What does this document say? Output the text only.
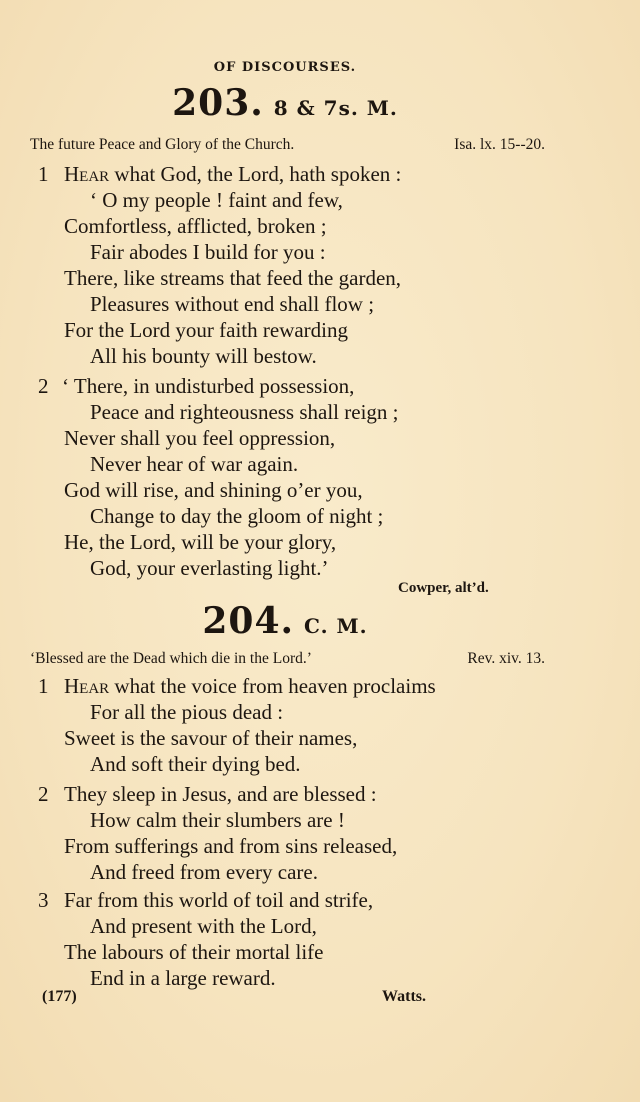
OF DISCOURSES.
203. 8 & 7s. M.
The future Peace and Glory of the Church.	Isa. lx. 15--20.
1 Hear what God, the Lord, hath spoken :
‘ O my people ! faint and few,
Comfortless, afflicted, broken ;
Fair abodes I build for you :
There, like streams that feed the garden,
Pleasures without end shall flow ;
For the Lord your faith rewarding
All his bounty will bestow.
2 ‘ There, in undisturbed possession,
Peace and righteousness shall reign ;
Never shall you feel oppression,
Never hear of war again.
God will rise, and shining o’er you,
Change to day the gloom of night ;
He, the Lord, will be your glory,
God, your everlasting light.’
Cowper, alt’d.
204. C. M.
‘Blessed are the Dead which die in the Lord.’	Rev. xiv. 13.
1 Hear what the voice from heaven proclaims
For all the pious dead :
Sweet is the savour of their names,
And soft their dying bed.
2 They sleep in Jesus, and are blessed :
How calm their slumbers are !
From sufferings and from sins released,
And freed from every care.
3 Far from this world of toil and strife,
And present with the Lord,
The labours of their mortal life
End in a large reward.
(177)	Watts.
